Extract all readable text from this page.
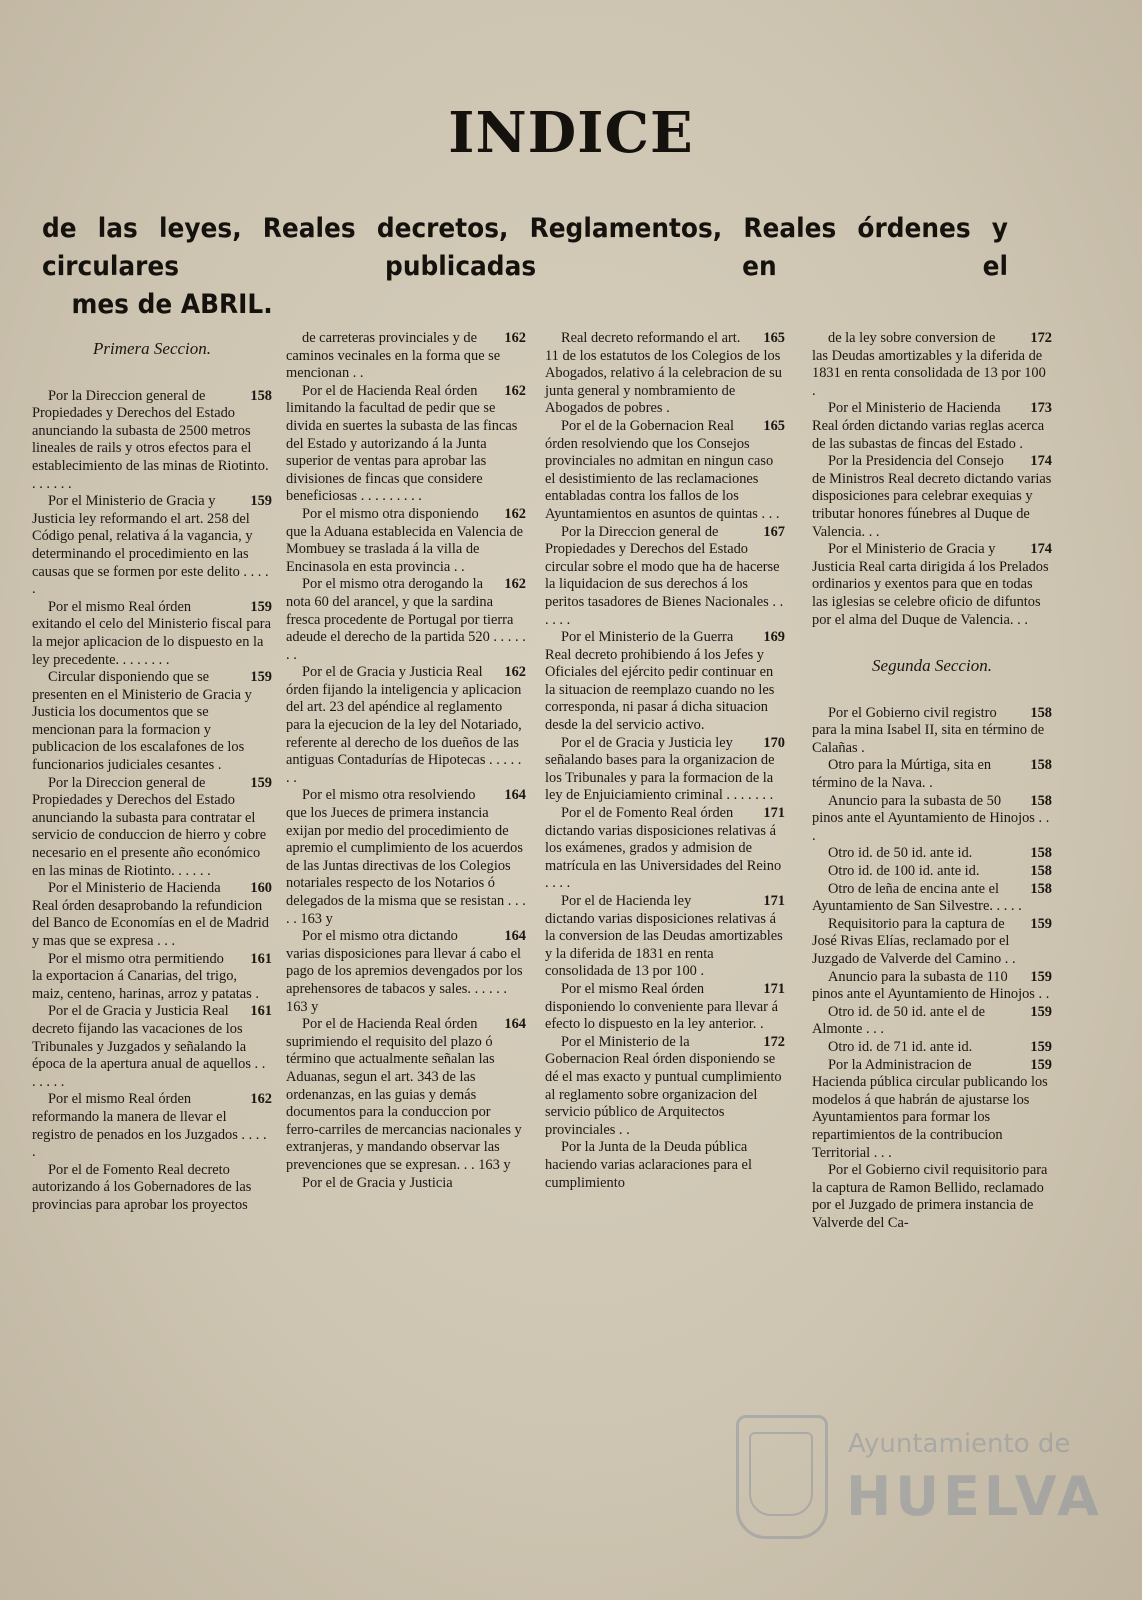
INDICE
de las leyes, Reales decretos, Reglamentos, Reales órdenes y circulares publicadas en el
mes de ABRIL.
Primera Seccion.

158
Por la Direccion general de Propiedades y Derechos del Estado anunciando la subasta de 2500 metros lineales de rails y otros efectos para el establecimiento de las minas de Riotinto. . . . . . .

159
Por el Ministerio de Gracia y Justicia ley reformando el art. 258 del Código penal, relativa á la vagancia, y determinando el procedimiento en las causas que se formen por este delito . . . . .

159
Por el mismo Real órden exitando el celo del Ministerio fiscal para la mejor aplicacion de lo dispuesto en la ley precedente. . . . . . . .

159
Circular disponiendo que se presenten en el Ministerio de Gracia y Justicia los documentos que se mencionan para la formacion y publicacion de los escalafones de los funcionarios judiciales cesantes .

159
Por la Direccion general de Propiedades y Derechos del Estado anunciando la subasta para contratar el servicio de conduccion de hierro y cobre necesario en el presente año económico en las minas de Riotinto. . . . . .

160
Por el Ministerio de Hacienda Real órden desaprobando la refundicion del Banco de Economías en el de Madrid y mas que se expresa . . .

161
Por el mismo otra permitiendo la exportacion á Canarias, del trigo, maiz, centeno, harinas, arroz y patatas .

161
Por el de Gracia y Justicia Real decreto fijando las vacaciones de los Tribunales y Juzgados y señalando la época de la apertura anual de aquellos . . . . . . .

162
Por el mismo Real órden reformando la manera de llevar el registro de penados en los Juzgados . . . . .

Por el de Fomento Real decreto autorizando á los Gobernadores de las provincias para aprobar los proyectos

162
de carreteras provinciales y de caminos vecinales en la forma que se mencionan . .

162
Por el de Hacienda Real órden limitando la facultad de pedir que se divida en suertes la subasta de las fincas del Estado y autorizando á la Junta superior de ventas para aprobar las divisiones de fincas que considere beneficiosas . . . . . . . . .

162
Por el mismo otra disponiendo que la Aduana establecida en Valencia de Mombuey se traslada á la villa de Encinasola en esta provincia . .

162
Por el mismo otra derogando la nota 60 del arancel, y que la sardina fresca procedente de Portugal por tierra adeude el derecho de la partida 520 . . . . . . .

162
Por el de Gracia y Justicia Real órden fijando la inteligencia y aplicacion del art. 23 del apéndice al reglamento para la ejecucion de la ley del Notariado, referente al derecho de los dueños de las antiguas Contadurías de Hipotecas . . . . . . .

164
Por el mismo otra resolviendo que los Jueces de primera instancia exijan por medio del procedimiento de apremio el cumplimiento de los acuerdos de las Juntas directivas de los Colegios notariales respecto de los Notarios ó delegados de la misma que se resistan . . . . . 163 y

164
Por el mismo otra dictando varias disposiciones para llevar á cabo el pago de los apremios devengados por los aprehensores de tabacos y sales. . . . . . 163 y

164
Por el de Hacienda Real órden suprimiendo el requisito del plazo ó término que actualmente señalan las Aduanas, segun el art. 343 de las ordenanzas, en las guias y demás documentos para la conduccion por ferro-carriles de mercancias nacionales y extranjeras, y mandando observar las prevenciones que se expresan. . . 163 y

Por el de Gracia y Justicia

165
Real decreto reformando el art. 11 de los estatutos de los Colegios de los Abogados, relativo á la celebracion de su junta general y nombramiento de Abogados de pobres .

165
Por el de la Gobernacion Real órden resolviendo que los Consejos provinciales no admitan en ningun caso el desistimiento de las reclamaciones entabladas contra los fallos de los Ayuntamientos en asuntos de quintas . . .

167
Por la Direccion general de Propiedades y Derechos del Estado circular sobre el modo que ha de hacerse la liquidacion de sus derechos á los peritos tasadores de Bienes Nacionales . . . . . .

169
Por el Ministerio de la Guerra Real decreto prohibiendo á los Jefes y Oficiales del ejército pedir continuar en la situacion de reemplazo cuando no les corresponda, ni pasar á dicha situacion desde la del servicio activo.

170
Por el de Gracia y Justicia ley señalando bases para la organizacion de los Tribunales y para la formacion de la ley de Enjuiciamiento criminal . . . . . . .

171
Por el de Fomento Real órden dictando varias disposiciones relativas á los exámenes, grados y admision de matrícula en las Universidades del Reino . . . .

171
Por el de Hacienda ley dictando varias disposiciones relativas á la conversion de las Deudas amortizables y la diferida de 1831 en renta consolidada de 13 por 100 .

171
Por el mismo Real órden disponiendo lo conveniente para llevar á efecto lo dispuesto en la ley anterior. .

172
Por el Ministerio de la Gobernacion Real órden disponiendo se dé el mas exacto y puntual cumplimiento al reglamento sobre organizacion del servicio público de Arquitectos provinciales . .

Por la Junta de la Deuda pública haciendo varias aclaraciones para el cumplimiento

172
de la ley sobre conversion de las Deudas amortizables y la diferida de 1831 en renta consolidada de 13 por 100 .

173
Por el Ministerio de Hacienda Real órden dictando varias reglas acerca de las subastas de fincas del Estado .

174
Por la Presidencia del Consejo de Ministros Real decreto dictando varias disposiciones para celebrar exequias y tributar honores fúnebres al Duque de Valencia. . .

174
Por el Ministerio de Gracia y Justicia Real carta dirigida á los Prelados ordinarios y exentos para que en todas las iglesias se celebre oficio de difuntos por el alma del Duque de Valencia. . .

Segunda Seccion.

158
Por el Gobierno civil registro para la mina Isabel II, sita en término de Calañas .

158
Otro para la Múrtiga, sita en término de la Nava. .

158
Anuncio para la subasta de 50 pinos ante el Ayuntamiento de Hinojos . . .

158
Otro id. de 50 id. ante id.

158
Otro id. de 100 id. ante id.

158
Otro de leña de encina ante el Ayuntamiento de San Silvestre. . . . .

159
Requisitorio para la captura de José Rivas Elías, reclamado por el Juzgado de Valverde del Camino . .

159
Anuncio para la subasta de 110 pinos ante el Ayuntamiento de Hinojos . .

159
Otro id. de 50 id. ante el de Almonte . . .

159
Otro id. de 71 id. ante id.

159
Por la Administracion de Hacienda pública circular publicando los modelos á que habrán de ajustarse los Ayuntamientos para formar los repartimientos de la contribucion Territorial . . .

Por el Gobierno civil requisitorio para la captura de Ramon Bellido, reclamado por el Juzgado de primera instancia de Valverde del Ca-

Ayuntamiento de
HUELVA
